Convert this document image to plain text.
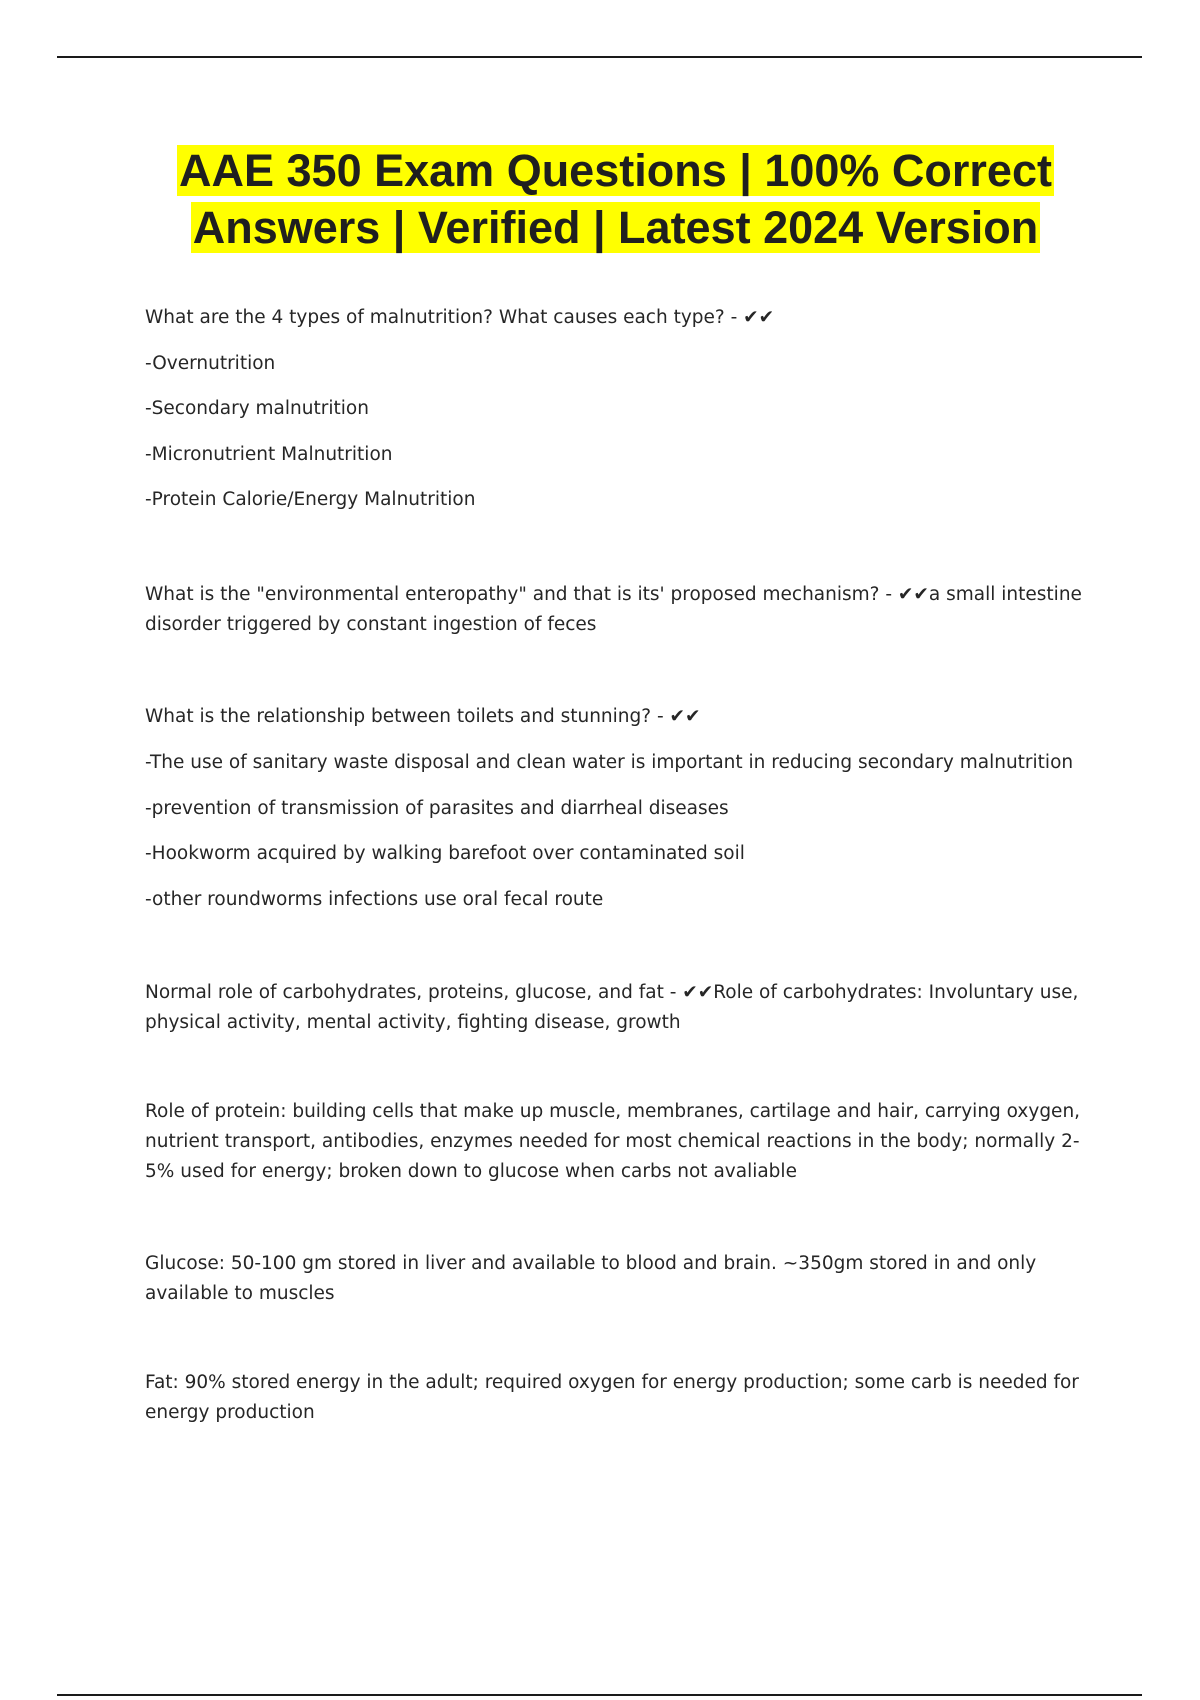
AAE 350 Exam Questions | 100% Correct Answers | Verified | Latest 2024 Version

What are the 4 types of malnutrition? What causes each type? - ✔✔

-Overnutrition

-Secondary malnutrition

-Micronutrient Malnutrition

-Protein Calorie/Energy Malnutrition

What is the "environmental enteropathy" and that is its' proposed mechanism? - ✔✔a small intestine disorder triggered by constant ingestion of feces

What is the relationship between toilets and stunning? - ✔✔

-The use of sanitary waste disposal and clean water is important in reducing secondary malnutrition

-prevention of transmission of parasites and diarrheal diseases

-Hookworm acquired by walking barefoot over contaminated soil

-other roundworms infections use oral fecal route

Normal role of carbohydrates, proteins, glucose, and fat - ✔✔Role of carbohydrates: Involuntary use, physical activity, mental activity, fighting disease, growth

Role of protein: building cells that make up muscle, membranes, cartilage and hair, carrying oxygen, nutrient transport, antibodies, enzymes needed for most chemical reactions in the body; normally 2-5% used for energy; broken down to glucose when carbs not avaliable

Glucose: 50-100 gm stored in liver and available to blood and brain. ~350gm stored in and only available to muscles

Fat: 90% stored energy in the adult; required oxygen for energy production; some carb is needed for energy production
